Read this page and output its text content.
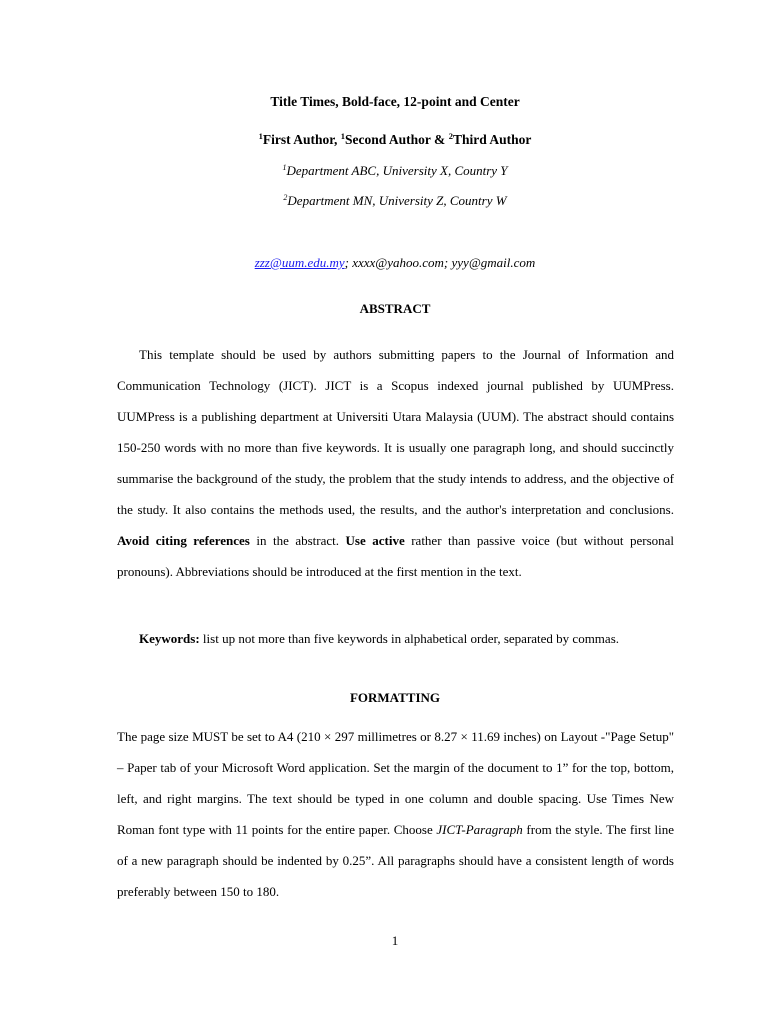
Title Times, Bold-face, 12-point and Center
$^1$First Author, $^1$Second Author & $^2$Third Author
$^1$Department ABC, University X, Country Y
$^2$Department MN, University Z, Country W
zzz@uum.edu.my; xxxx@yahoo.com; yyy@gmail.com
ABSTRACT

This template should be used by authors submitting papers to the Journal of Information and Communication Technology (JICT). JICT is a Scopus indexed journal published by UUMPress. UUMPress is a publishing department at Universiti Utara Malaysia (UUM). The abstract should contains 150-250 words with no more than five keywords. It is usually one paragraph long, and should succinctly summarise the background of the study, the problem that the study intends to address, and the objective of the study. It also contains the methods used, the results, and the author's interpretation and conclusions. Avoid citing references in the abstract. Use active rather than passive voice (but without personal pronouns). Abbreviations should be introduced at the first mention in the text.

Keywords: list up not more than five keywords in alphabetical order, separated by commas.

FORMATTING

The page size MUST be set to A4 (210 × 297 millimetres or 8.27 × 11.69 inches) on Layout -"Page Setup" – Paper tab of your Microsoft Word application. Set the margin of the document to 1” for the top, bottom, left, and right margins. The text should be typed in one column and double spacing. Use Times New Roman font type with 11 points for the entire paper. Choose JICT-Paragraph from the style. The first line of a new paragraph should be indented by 0.25”. All paragraphs should have a consistent length of words preferably between 150 to 180.

1
